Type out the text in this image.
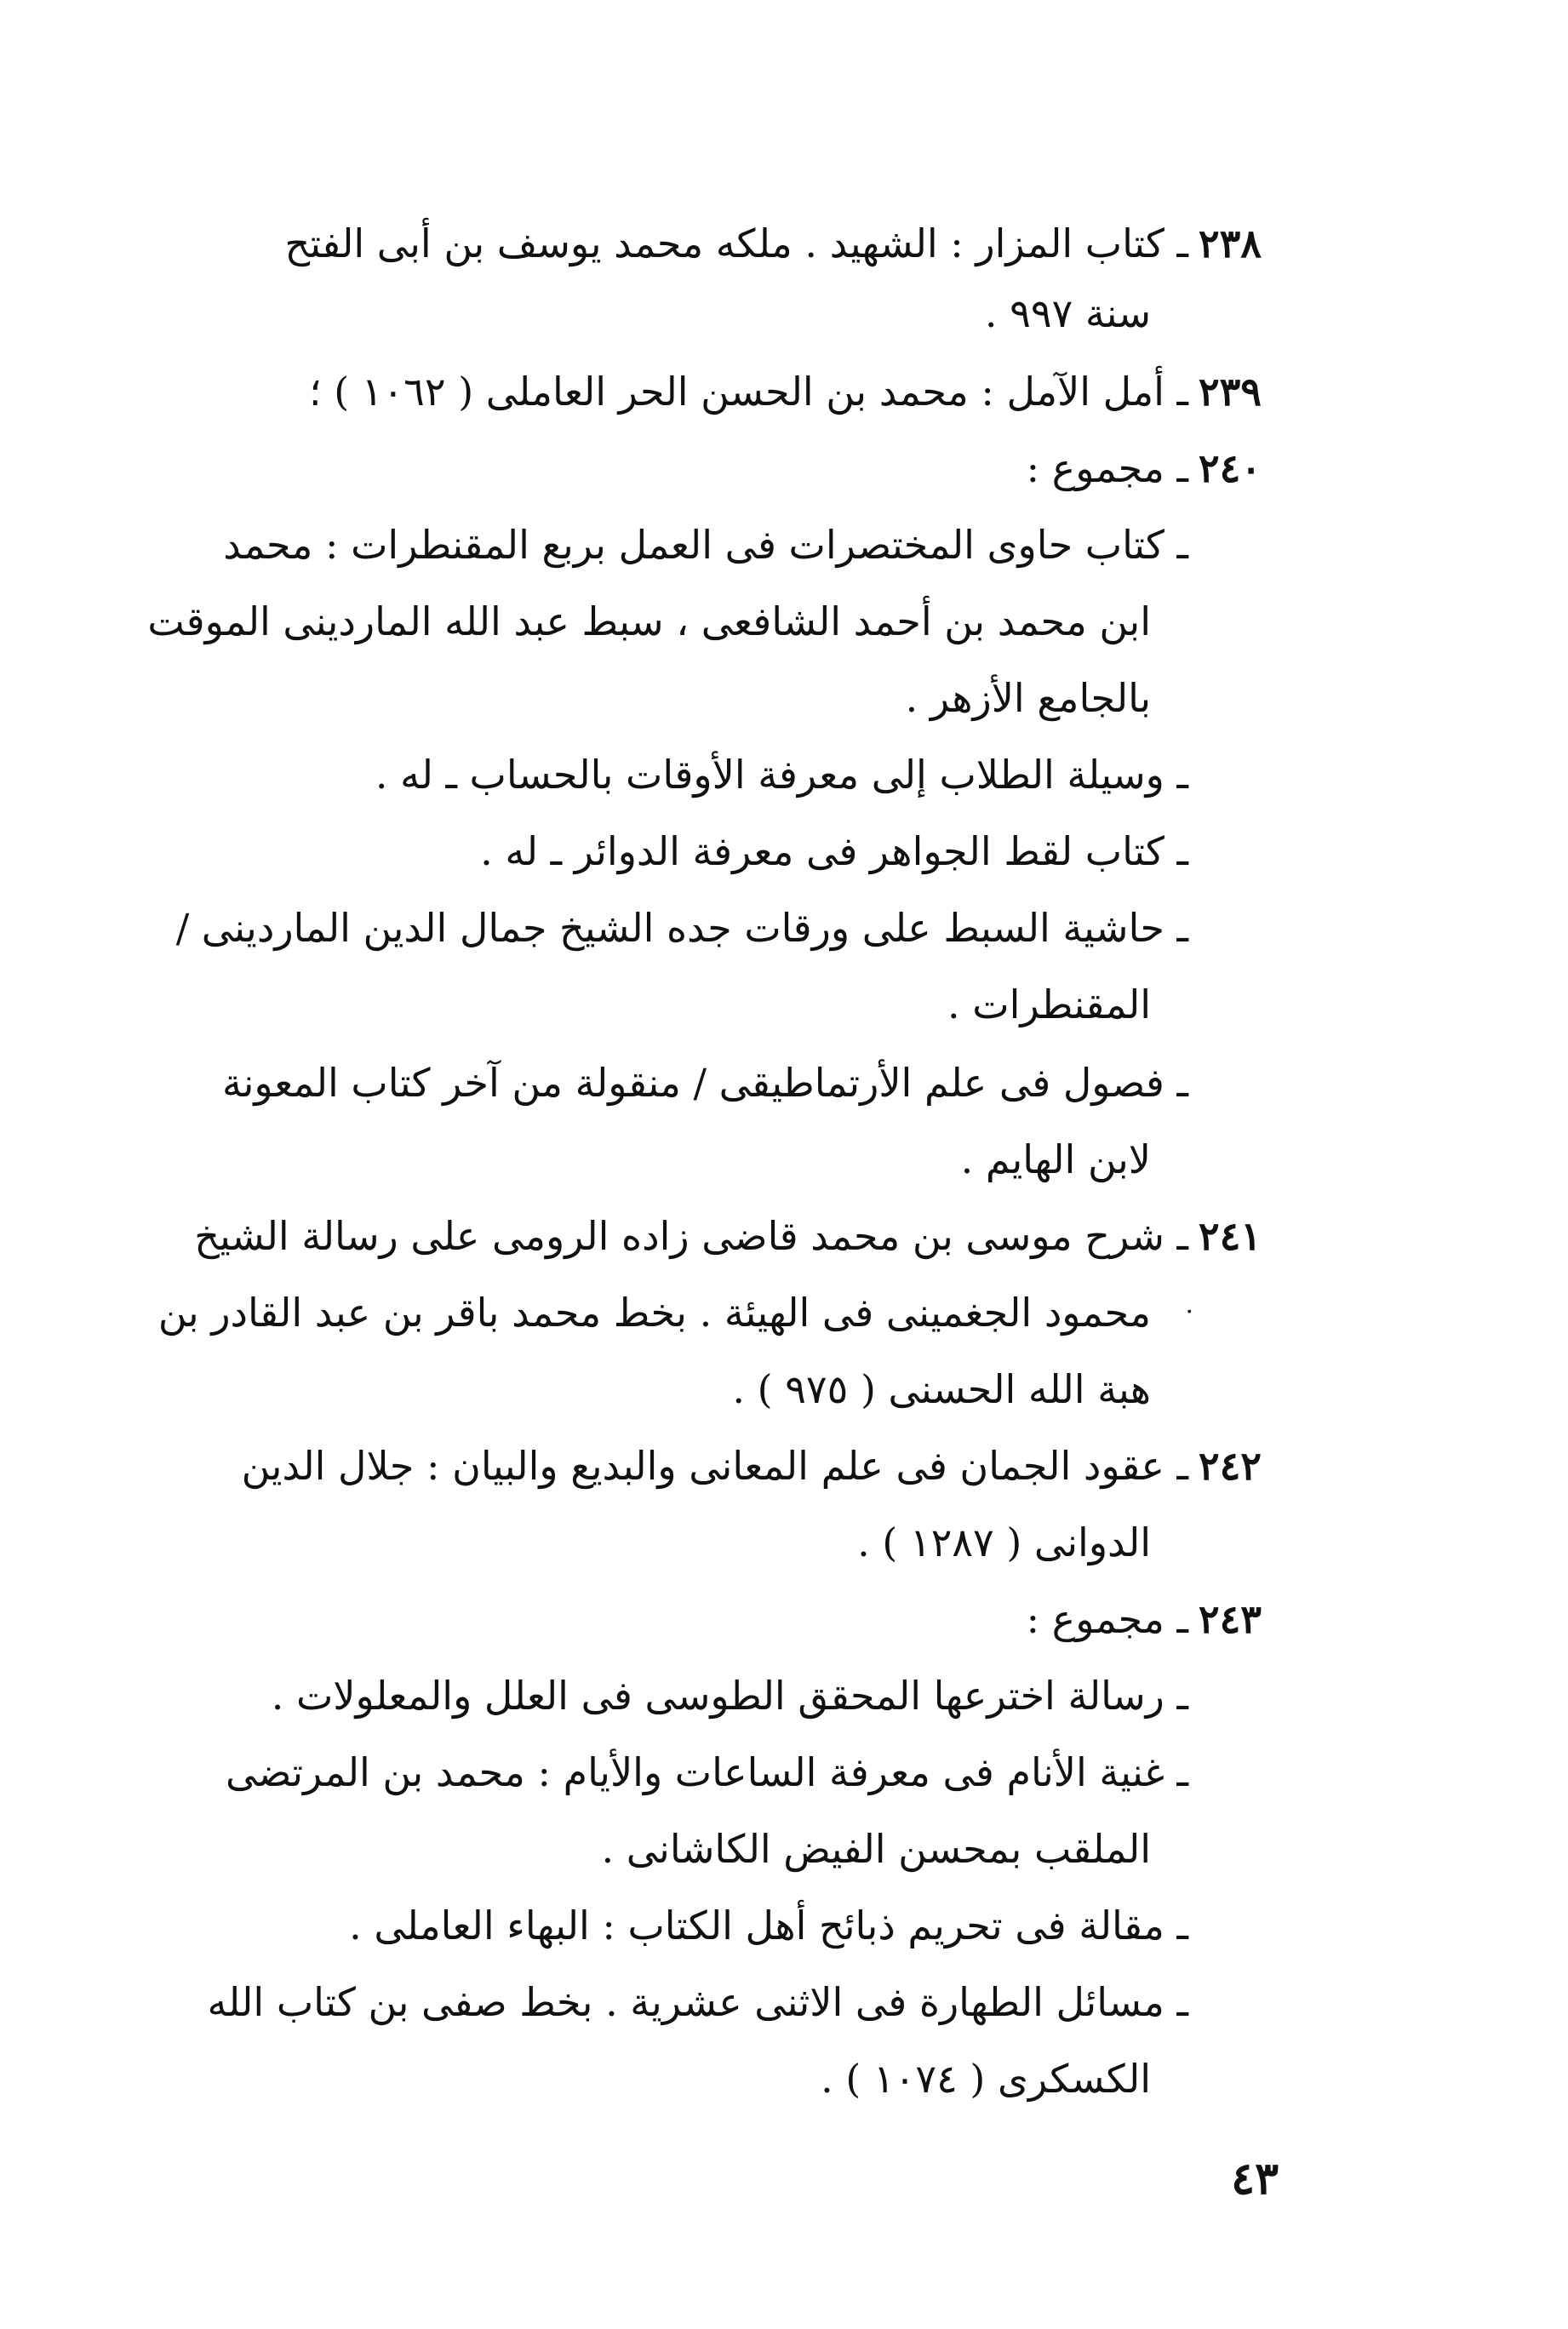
٢٣٨
ـ كتاب المزار : الشهيد . ملكه محمد يوسف بن أبى الفتح
سنة ٩٩٧ .
٢٣٩
ـ أمل الآمل : محمد بن الحسن الحر العاملى ( ١٠٦٢ ) ؛
٢٤٠
ـ مجموع :
ـ كتاب حاوى المختصرات فى العمل بربع المقنطرات : محمد
ابن محمد بن أحمد الشافعى ، سبط عبد الله الماردينى الموقت
بالجامع الأزهر .
ـ وسيلة الطلاب إلى معرفة الأوقات بالحساب ـ له .
ـ كتاب لقط الجواهر فى معرفة الدوائر ـ له .
ـ حاشية السبط على ورقات جده الشيخ جمال الدين الماردينى /
المقنطرات .
ـ فصول فى علم الأرتماطيقى / منقولة من آخر كتاب المعونة
لابن الهايم .
٢٤١
ـ شرح موسى بن محمد قاضى زاده الرومى على رسالة الشيخ
·
محمود الجغمينى فى الهيئة . بخط محمد باقر بن عبد القادر بن
هبة الله الحسنى ( ٩٧٥ ) .
٢٤٢
ـ عقود الجمان فى علم المعانى والبديع والبيان : جلال الدين
الدوانى ( ١٢٨٧ ) .
٢٤٣
ـ مجموع :
ـ رسالة اخترعها المحقق الطوسى فى العلل والمعلولات .
ـ غنية الأنام فى معرفة الساعات والأيام : محمد بن المرتضى
الملقب بمحسن الفيض الكاشانى .
ـ مقالة فى تحريم ذبائح أهل الكتاب : البهاء العاملى .
ـ مسائل الطهارة فى الاثنى عشرية . بخط صفى بن كتاب الله
الكسكرى ( ١٠٧٤ ) .
٤٣
